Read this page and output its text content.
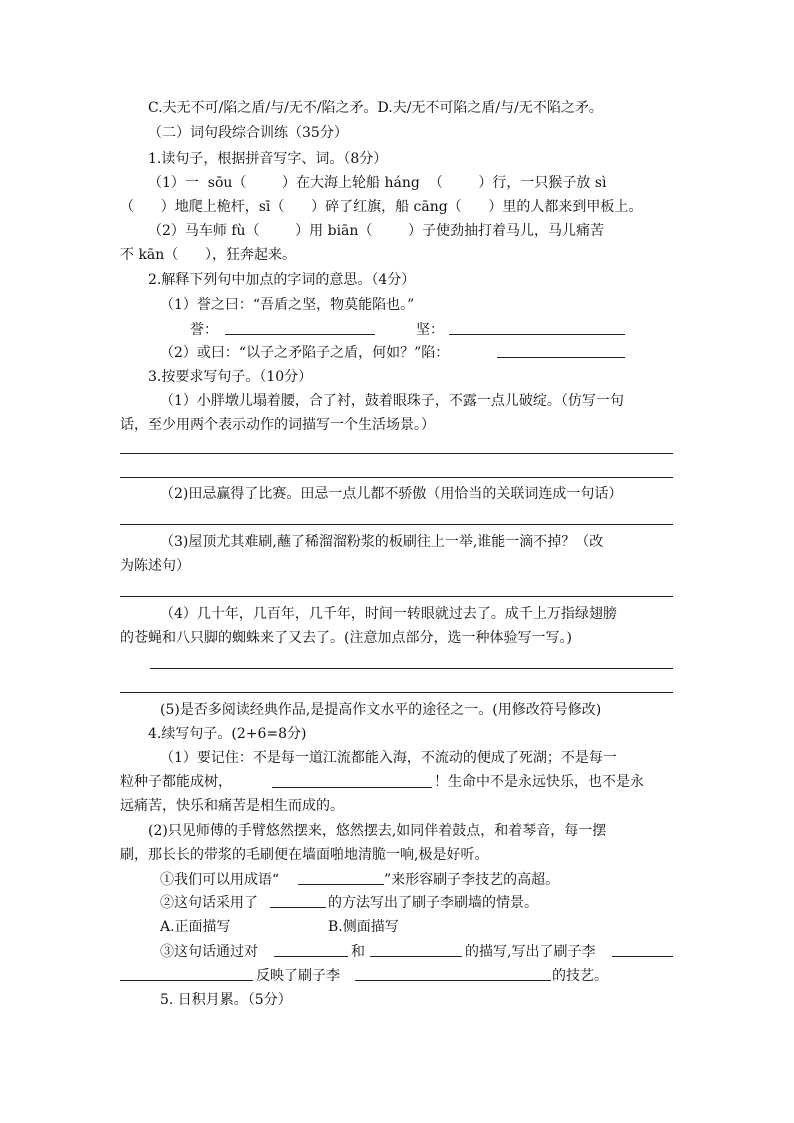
C.夫无不可/陷之盾/与/无不/陷之矛。D.夫/无不可陷之盾/与/无不陷之矛。
（二）词句段综合训练（35分）
1.读句子，根据拼音写字、词。（8分）
（1）一  sōu（        ）在大海上轮船 háng  （        ）行，一只猴子放 sì
（      ）地爬上桅杆，sī（      ）碎了红旗，船 cāng（      ）里的人都来到甲板上。
（2）马车师 fù（        ）用 biān（        ）子使劲抽打着马儿，马儿痛苦
不 kān（      ），狂奔起来。
2.解释下列句中加点的字词的意思。（4分）
（1）誉之曰：“吾盾之坚，物莫能陷也。”
誉：	坚：
（2）或曰：“以子之矛陷子之盾，何如？”陷：
3.按要求写句子。（10分）
（1）小胖墩儿塌着腰，合了衬，鼓着眼珠子，不露一点儿破绽。（仿写一句
话，至少用两个表示动作的词描写一个生活场景。）
（2)田忌赢得了比赛。田忌一点儿都不骄傲（用恰当的关联词连成一句话）
（3)屋顶尤其难刷,蘸了稀溜溜粉浆的板刷往上一举,谁能一滴不掉？（改
为陈述句）
（4）几十年，几百年，几千年，时间一转眼就过去了。成千上万指绿翅膀
的苍蝇和八只脚的蜘蛛来了又去了。(注意加点部分，选一种体验写一写。)
(5)是否多阅读经典作品,是提高作文水平的途径之一。(用修改符号修改)
4.续写句子。(2+6=8分)
（1）要记住：不是每一道江流都能入海，不流动的便成了死湖；不是每一
粒种子都能成树，	！生命中不是永远快乐，也不是永
远痛苦，快乐和痛苦是相生而成的。
(2)只见师傅的手臂悠然摆来，悠然摆去,如同伴着鼓点，和着琴音，每一摆
刷，那长长的带浆的毛刷便在墙面啪地清脆一响,极是好听。
①我们可以用成语“	”来形容刷子李技艺的高超。
②这句话采用了	的方法写出了刷子李刷墙的情景。
A.正面描写	B.侧面描写
③这句话通过对	和	的描写,写出了刷子李
反映了刷子李	的技艺。
5. 日积月累。（5分）
